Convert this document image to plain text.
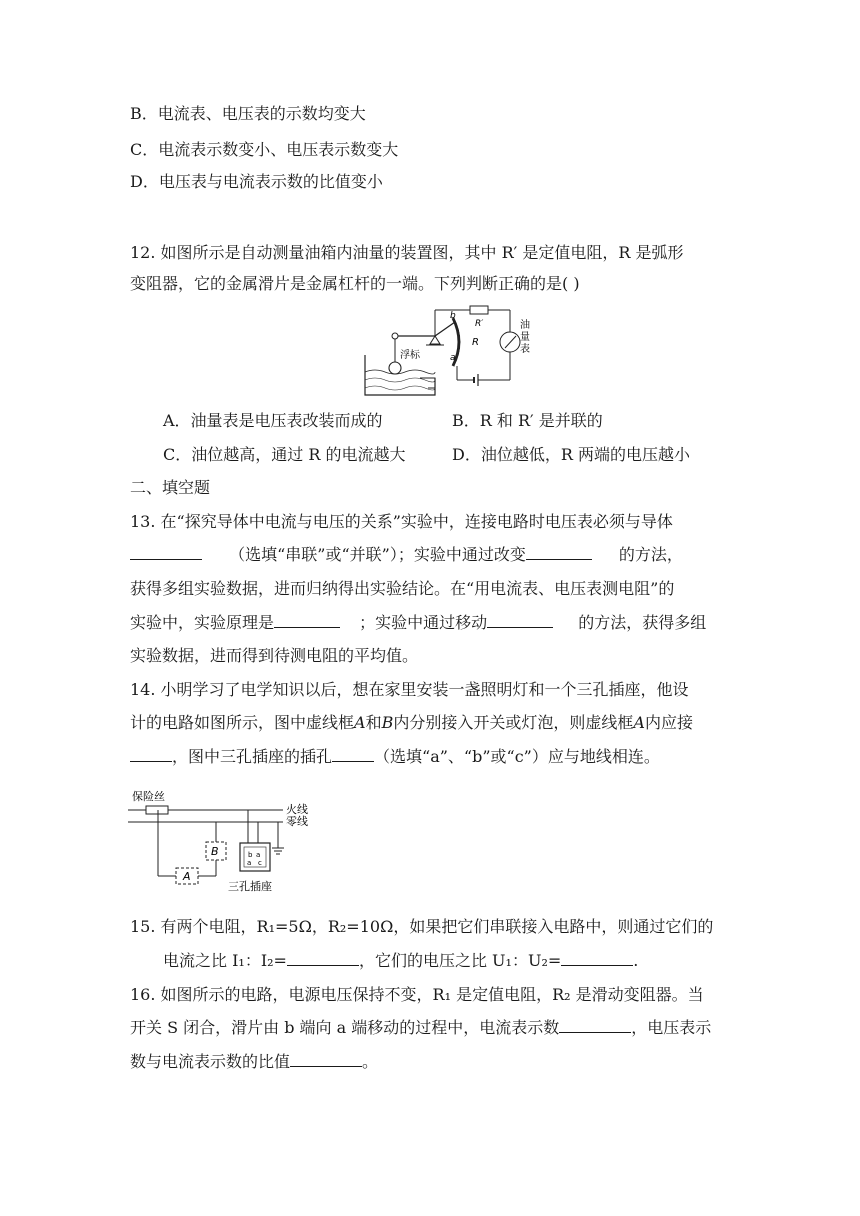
B．电流表、电压表的示数均变大
C．电流表示数变小、电压表示数变大
D．电压表与电流表示数的比值变小
12. 如图所示是自动测量油箱内油量的装置图，其中 R′ 是定值电阻，R 是弧形
变阻器，它的金属滑片是金属杠杆的一端。下列判断正确的是( )
b
a
R
R′
浮标
油
量
表
A．油量表是电压表改装而成的	B．R 和 R′ 是并联的
C．油位越高，通过 R 的电流越大	D．油位越低，R 两端的电压越小
二、填空题
13. 在“探究导体中电流与电压的关系”实验中，连接电路时电压表必须与导体
（选填“串联”或“并联”）；实验中通过改变	的方法，
获得多组实验数据，进而归纳得出实验结论。在“用电流表、电压表测电阻”的
实验中，实验原理是	；实验中通过移动	的方法，获得多组
实验数据，进而得到待测电阻的平均值。
14. 小明学习了电学知识以后，想在家里安装一盏照明灯和一个三孔插座，他设
计的电路如图所示，图中虚线框A和B内分别接入开关或灯泡，则虚线框A内应接
，图中三孔插座的插孔	（选填“a”、“b”或“c”）应与地线相连。
保险丝
火线
零线
A
B	b a
a c
三孔插座
15. 有两个电阻，R₁=5Ω，R₂=10Ω，如果把它们串联接入电路中，则通过它们的
电流之比 I₁：I₂=	，它们的电压之比 U₁：U₂=	.
16. 如图所示的电路，电源电压保持不变，R₁ 是定值电阻，R₂ 是滑动变阻器。当
开关 S 闭合，滑片由 b 端向 a 端移动的过程中，电流表示数	，电压表示
数与电流表示数的比值	。
